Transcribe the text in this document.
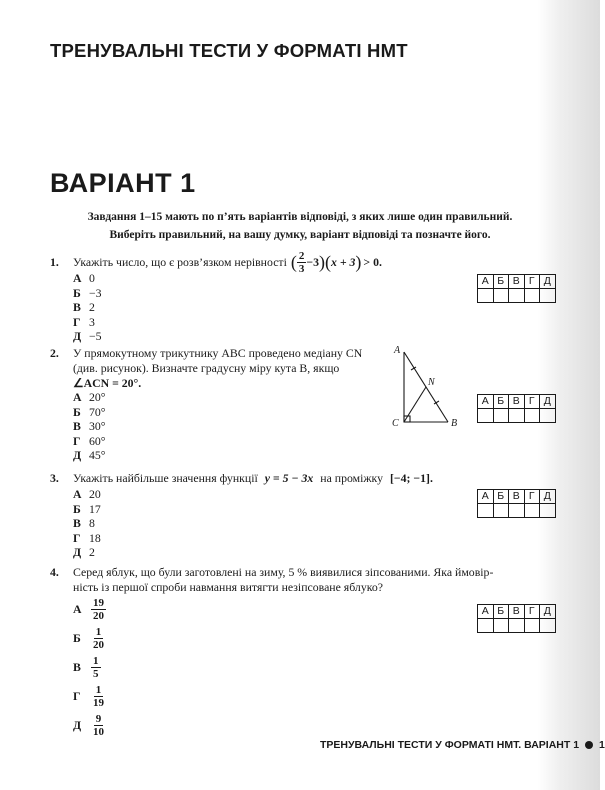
ТРЕНУВАЛЬНІ ТЕСТИ У ФОРМАТІ НМТ
ВАРІАНТ 1
Завдання 1–15 мають по п’ять варіантів відповіді, з яких лише один правильний.
Виберіть правильний, на вашу думку, варіант відповіді та позначте його.
1. Укажіть число, що є розв’язком нерівності ( $\frac{2}{3} -3$ ) ( x + 3 ) > 0.
А 0
Б −3
В 2
Г 3
Д −5
А	Б	В	Г	Д

2. У прямокутному трикутнику ABC проведено медіану CN
(див. рисунок). Визначте градусну міру кута B, якщо
∠ACN = 20°.
А 20°
Б 70°
В 30°
Г 60°
Д 45°
A
N
C	B
А	Б	В	Г	Д

3. Укажіть найбільше значення функції y = 5 − 3x на проміжку [−4; −1].
А 20
Б 17
В 8
Г 18
Д 2
А	Б	В	Г	Д

4. Серед яблук, що були заготовлені на зиму, 5 % виявилися зіпсованими. Яка ймовір-
ність із першої спроби навмання витягти незіпсоване яблуко?
А $\frac{19}{20}$
Б $\frac{1}{20}$
В $\frac{1}{5}$
Г $\frac{1}{19}$
Д $\frac{9}{10}$
А	Б	В	Г	Д

ТРЕНУВАЛЬНІ ТЕСТИ У ФОРМАТІ НМТ. ВАРІАНТ 1 1
